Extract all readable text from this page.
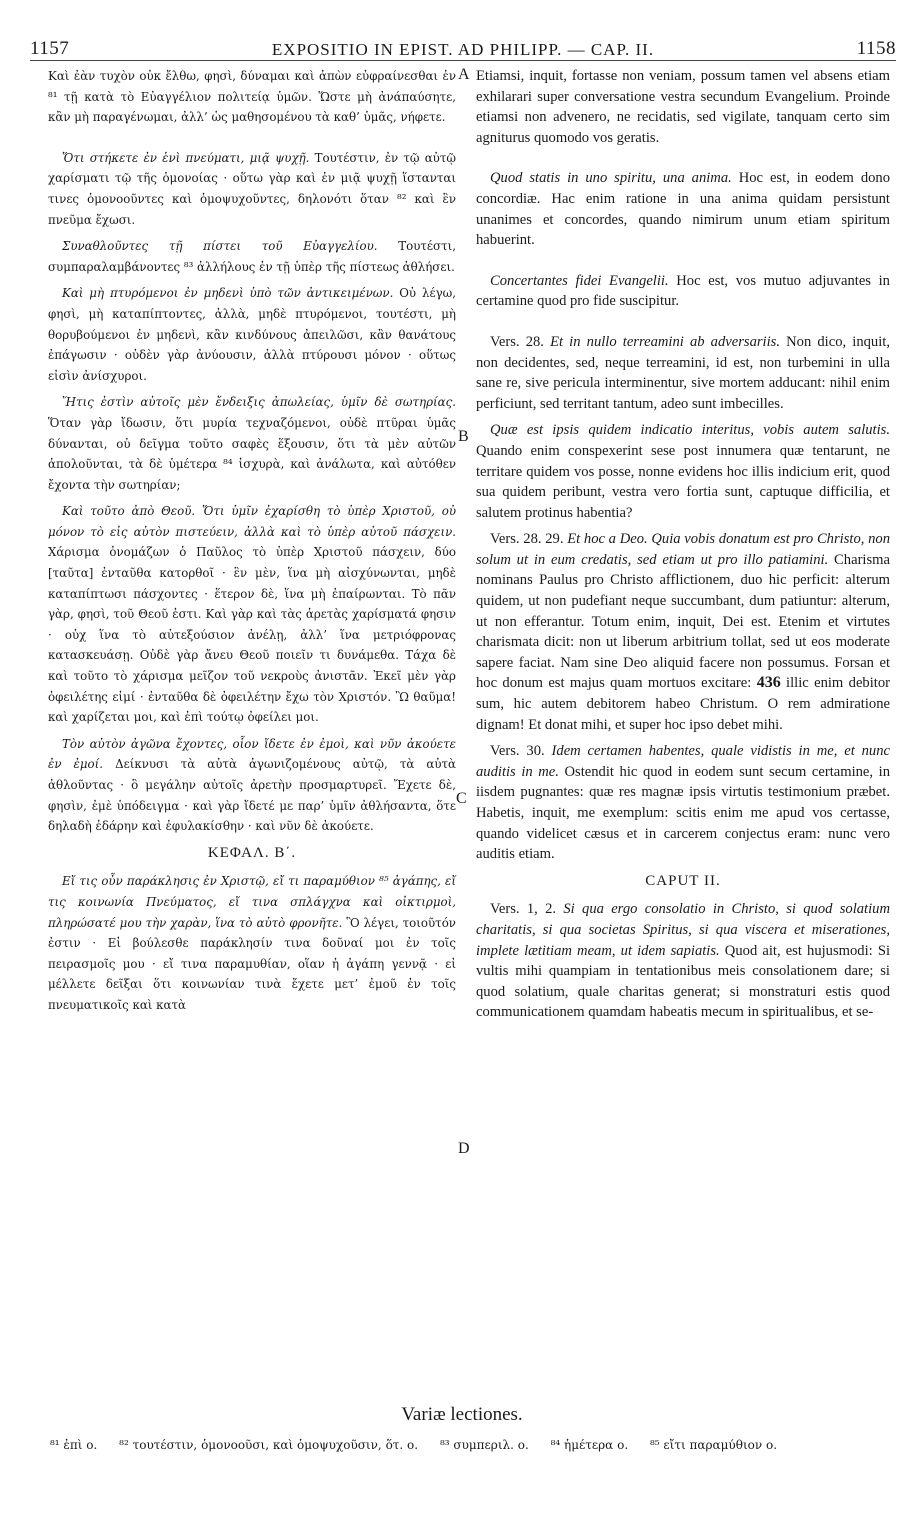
1157	EXPOSITIO IN EPIST. AD PHILIPP. — CAP. II.	1158
A
B
C
D

Καὶ ἐὰν τυχὸν οὐκ ἔλθω, φησὶ, δύναμαι καὶ ἀπὼν εὐφραίνεσθαι ἐν ⁸¹ τῇ κατὰ τὸ Εὐαγγέλιον πολιτείᾳ ὑμῶν. Ὥστε μὴ ἀνάπαύσητε, κἂν μὴ παραγένωμαι, ἀλλ’ ὡς μαθησομένου τὰ καθ’ ὑμᾶς, νήφετε.

Ὅτι στήκετε ἐν ἑνὶ πνεύματι, μιᾷ ψυχῇ. Τουτέστιν, ἐν τῷ αὐτῷ χαρίσματι τῷ τῆς ὁμονοίας · οὕτω γὰρ καὶ ἐν μιᾷ ψυχῇ ἵστανται τινες ὁμονοοῦντες καὶ ὁμοψυχοῦντες, δηλονότι ὅταν ⁸² καὶ ἓν πνεῦμα ἔχωσι.

Συναθλοῦντες τῇ πίστει τοῦ Εὐαγγελίου. Τουτέστι, συμπαραλαμβάνοντες ⁸³ ἀλλήλους ἐν τῇ ὑπὲρ τῆς πίστεως ἀθλήσει.

Καὶ μὴ πτυρόμενοι ἐν μηδενὶ ὑπὸ τῶν ἀντικειμένων. Οὐ λέγω, φησὶ, μὴ καταπίπτοντες, ἀλλὰ, μηδὲ πτυρόμενοι, τουτέστι, μὴ θορυβούμενοι ἐν μηδενὶ, κἂν κινδύνους ἀπειλῶσι, κἂν θανάτους ἐπάγωσιν · οὐδὲν γὰρ ἀνύουσιν, ἀλλὰ πτύρουσι μόνον · οὕτως εἰσὶν ἀνίσχυροι.

Ἥτις ἐστὶν αὐτοῖς μὲν ἔνδειξις ἀπωλείας, ὑμῖν δὲ σωτηρίας. Ὅταν γὰρ ἴδωσιν, ὅτι μυρία τεχναζόμενοι, οὐδὲ πτῦραι ὑμᾶς δύνανται, οὐ δεῖγμα τοῦτο σαφὲς ἕξουσιν, ὅτι τὰ μὲν αὐτῶν ἀπολοῦνται, τὰ δὲ ὑμέτερα ⁸⁴ ἰσχυρὰ, καὶ ἀνάλωτα, καὶ αὐτόθεν ἔχοντα τὴν σωτηρίαν;

Καὶ τοῦτο ἀπὸ Θεοῦ. Ὅτι ὑμῖν ἐχαρίσθη τὸ ὑπὲρ Χριστοῦ, οὐ μόνον τὸ εἰς αὐτὸν πιστεύειν, ἀλλὰ καὶ τὸ ὑπὲρ αὐτοῦ πάσχειν. Χάρισμα ὀνομάζων ὁ Παῦλος τὸ ὑπὲρ Χριστοῦ πάσχειν, δύο [ταῦτα] ἐνταῦθα κατορθοῖ · ἓν μὲν, ἵνα μὴ αἰσχύνωνται, μηδὲ καταπίπτωσι πάσχοντες · ἕτερον δὲ, ἵνα μὴ ἐπαίρωνται. Τὸ πᾶν γὰρ, φησὶ, τοῦ Θεοῦ ἐστι. Καὶ γὰρ καὶ τὰς ἀρετὰς χαρίσματά φησιν · οὐχ ἵνα τὸ αὐτεξούσιον ἀνέλῃ, ἀλλ’ ἵνα μετριόφρονας κατασκευάσῃ. Οὐδὲ γὰρ ἄνευ Θεοῦ ποιεῖν τι δυνάμεθα. Τάχα δὲ καὶ τοῦτο τὸ χάρισμα μεῖζον τοῦ νεκροὺς ἀνιστᾶν. Ἐκεῖ μὲν γὰρ ὀφειλέτης εἰμί · ἐνταῦθα δὲ ὀφειλέτην ἔχω τὸν Χριστόν. Ὢ θαῦμα! καὶ χαρίζεται μοι, καὶ ἐπὶ τούτῳ ὀφείλει μοι.

Τὸν αὐτὸν ἀγῶνα ἔχοντες, οἷον ἴδετε ἐν ἐμοὶ, καὶ νῦν ἀκούετε ἐν ἐμοί. Δείκνυσι τὰ αὐτὰ ἀγωνιζομένους αὐτῷ, τὰ αὐτὰ ἀθλοῦντας · ὃ μεγάλην αὐτοῖς ἀρετὴν προσμαρτυρεῖ. Ἔχετε δὲ, φησὶν, ἐμὲ ὑπόδειγμα · καὶ γὰρ ἴδετέ με παρ’ ὑμῖν ἀθλήσαντα, ὅτε δηλαδὴ ἐδάρην καὶ ἐφυλακίσθην · καὶ νῦν δὲ ἀκούετε.

ΚΕΦΑΛ. Β΄.

Εἴ τις οὖν παράκλησις ἐν Χριστῷ, εἴ τι παραμύθιον ⁸⁵ ἀγάπης, εἴ τις κοινωνία Πνεύματος, εἴ τινα σπλάγχνα καὶ οἰκτιρμοὶ, πληρώσατέ μου τὴν χαρὰν, ἵνα τὸ αὐτὸ φρονῆτε. Ὃ λέγει, τοιοῦτόν ἐστιν · Εἰ βούλεσθε παράκλησίν τινα δοῦναί μοι ἐν τοῖς πειρασμοῖς μου · εἴ τινα παραμυθίαν, οἵαν ἡ ἀγάπη γεννᾷ · εἰ μέλλετε δεῖξαι ὅτι κοινωνίαν τινὰ ἔχετε μετ’ ἐμοῦ ἐν τοῖς πνευματικοῖς καὶ κατὰ

Etiamsi, inquit, fortasse non veniam, possum tamen vel absens etiam exhilarari super conversatione vestra secundum Evangelium. Proinde etiamsi non advenero, ne recidatis, sed vigilate, tanquam certo sim agniturus quomodo vos geratis.

Quod statis in uno spiritu, una anima. Hoc est, in eodem dono concordiæ. Hac enim ratione in una anima quidam persistunt unanimes et concordes, quando nimirum unum etiam spiritum habuerint.

Concertantes fidei Evangelii. Hoc est, vos mutuo adjuvantes in certamine quod pro fide suscipitur.

Vers. 28. Et in nullo terreamini ab adversariis. Non dico, inquit, non decidentes, sed, neque terreamini, id est, non turbemini in ulla sane re, sive pericula interminentur, sive mortem adducant: nihil enim perficiunt, sed territant tantum, adeo sunt imbecilles.

Quæ est ipsis quidem indicatio interitus, vobis autem salutis. Quando enim conspexerint sese post innumera quæ tentarunt, ne territare quidem vos posse, nonne evidens hoc illis indicium erit, quod sua quidem peribunt, vestra vero fortia sunt, captuque difficilia, et salutem protinus habentia?

Vers. 28. 29. Et hoc a Deo. Quia vobis donatum est pro Christo, non solum ut in eum credatis, sed etiam ut pro illo patiamini. Charisma nominans Paulus pro Christo afflictionem, duo hic perficit: alterum quidem, ut non pudefiant neque succumbant, dum patiuntur: alterum, ut non efferantur. Totum enim, inquit, Dei est. Etenim et virtutes charismata dicit: non ut liberum arbitrium tollat, sed ut eos moderate sapere faciat. Nam sine Deo aliquid facere non possumus. Forsan et hoc donum est majus quam mortuos excitare: 436 illic enim debitor sum, hic autem debitorem habeo Christum. O rem admiratione dignam! Et donat mihi, et super hoc ipso debet mihi.

Vers. 30. Idem certamen habentes, quale vidistis in me, et nunc auditis in me. Ostendit hic quod in eodem sunt secum certamine, in iisdem pugnantes: quæ res magnæ ipsis virtutis testimonium præbet. Habetis, inquit, me exemplum: scitis enim me apud vos certasse, quando videlicet cæsus et in carcerem conjectus eram: nunc vero auditis etiam.

CAPUT II.

Vers. 1, 2. Si qua ergo consolatio in Christo, si quod solatium charitatis, si qua societas Spiritus, si qua viscera et miserationes, implete lætitiam meam, ut idem sapiatis. Quod ait, est hujusmodi: Si vultis mihi quampiam in tentationibus meis consolationem dare; si quod solatium, quale charitas generat; si monstraturi estis quod communicationem quamdam habeatis mecum in spiritualibus, et se-

Variæ lectiones.
⁸¹ ἐπὶ ο. ⁸² τουτέστιν, ὁμονοοῦσι, καὶ ὁμοψυχοῦσιν, ὅτ. ο. ⁸³ συμπεριλ. ο. ⁸⁴ ἡμέτερα ο. ⁸⁵ εἴτι παραμύθιον ο.
